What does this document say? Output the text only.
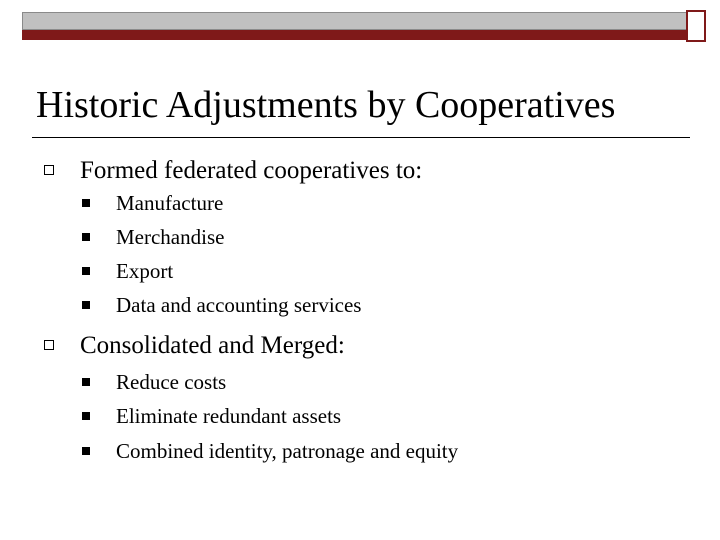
Historic Adjustments by Cooperatives
Formed federated cooperatives to:
Manufacture
Merchandise
Export
Data and accounting services
Consolidated and Merged:
Reduce costs
Eliminate redundant assets
Combined identity, patronage and equity
